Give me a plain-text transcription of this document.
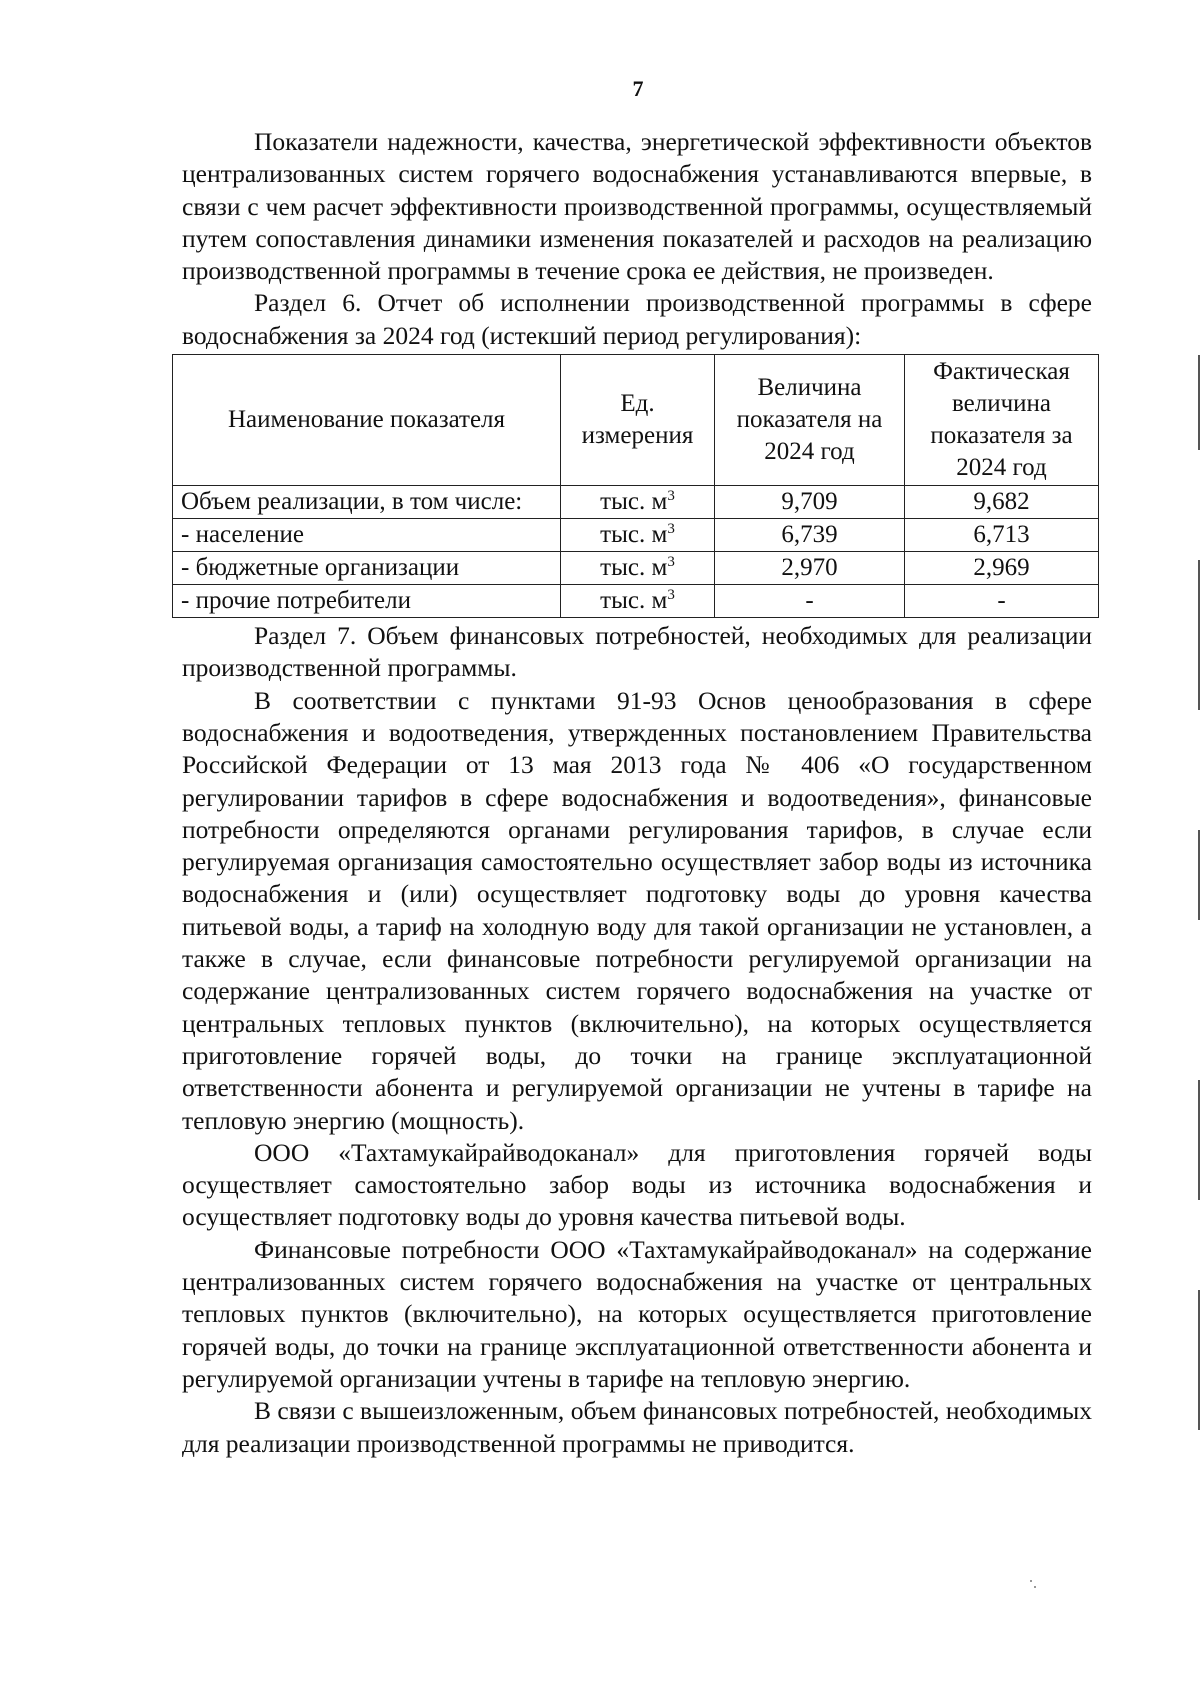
7

Показатели надежности, качества, энергетической эффективности объектов централизованных систем горячего водоснабжения устанавливаются впервые, в связи с чем расчет эффективности производственной программы, осуществляемый путем сопоставления динамики изменения показателей и расходов на реализацию производственной программы в течение срока ее действия, не произведен.

Раздел 6. Отчет об исполнении производственной программы в сфере водоснабжения за 2024 год (истекший период регулирования):

Наименование показателя	Ед. измерения	Величина показателя на 2024 год	Фактическая величина показателя за 2024 год
Объем реализации, в том числе:	тыс. $м^3$	9,709	9,682
- население	тыс. $м^3$	6,739	6,713
- бюджетные организации	тыс. $м^3$	2,970	2,969
- прочие потребители	тыс. $м^3$	-	-

Раздел 7. Объем финансовых потребностей, необходимых для реализации производственной программы.

В соответствии с пунктами 91-93 Основ ценообразования в сфере водоснабжения и водоотведения, утвержденных постановлением Правительства Российской Федерации от 13 мая 2013 года № 406 «О государственном регулировании тарифов в сфере водоснабжения и водоотведения», финансовые потребности определяются органами регулирования тарифов, в случае если регулируемая организация самостоятельно осуществляет забор воды из источника водоснабжения и (или) осуществляет подготовку воды до уровня качества питьевой воды, а тариф на холодную воду для такой организации не установлен, а также в случае, если финансовые потребности регулируемой организации на содержание централизованных систем горячего водоснабжения на участке от центральных тепловых пунктов (включительно), на которых осуществляется приготовление горячей воды, до точки на границе эксплуатационной ответственности абонента и регулируемой организации не учтены в тарифе на тепловую энергию (мощность).

ООО «Тахтамукайрайводоканал» для приготовления горячей воды осуществляет самостоятельно забор воды из источника водоснабжения и осуществляет подготовку воды до уровня качества питьевой воды.

Финансовые потребности ООО «Тахтамукайрайводоканал» на содержание централизованных систем горячего водоснабжения на участке от центральных тепловых пунктов (включительно), на которых осуществляется приготовление горячей воды, до точки на границе эксплуатационной ответственности абонента и регулируемой организации учтены в тарифе на тепловую энергию.

В связи с вышеизложенным, объем финансовых потребностей, необходимых для реализации производственной программы не приводится.
